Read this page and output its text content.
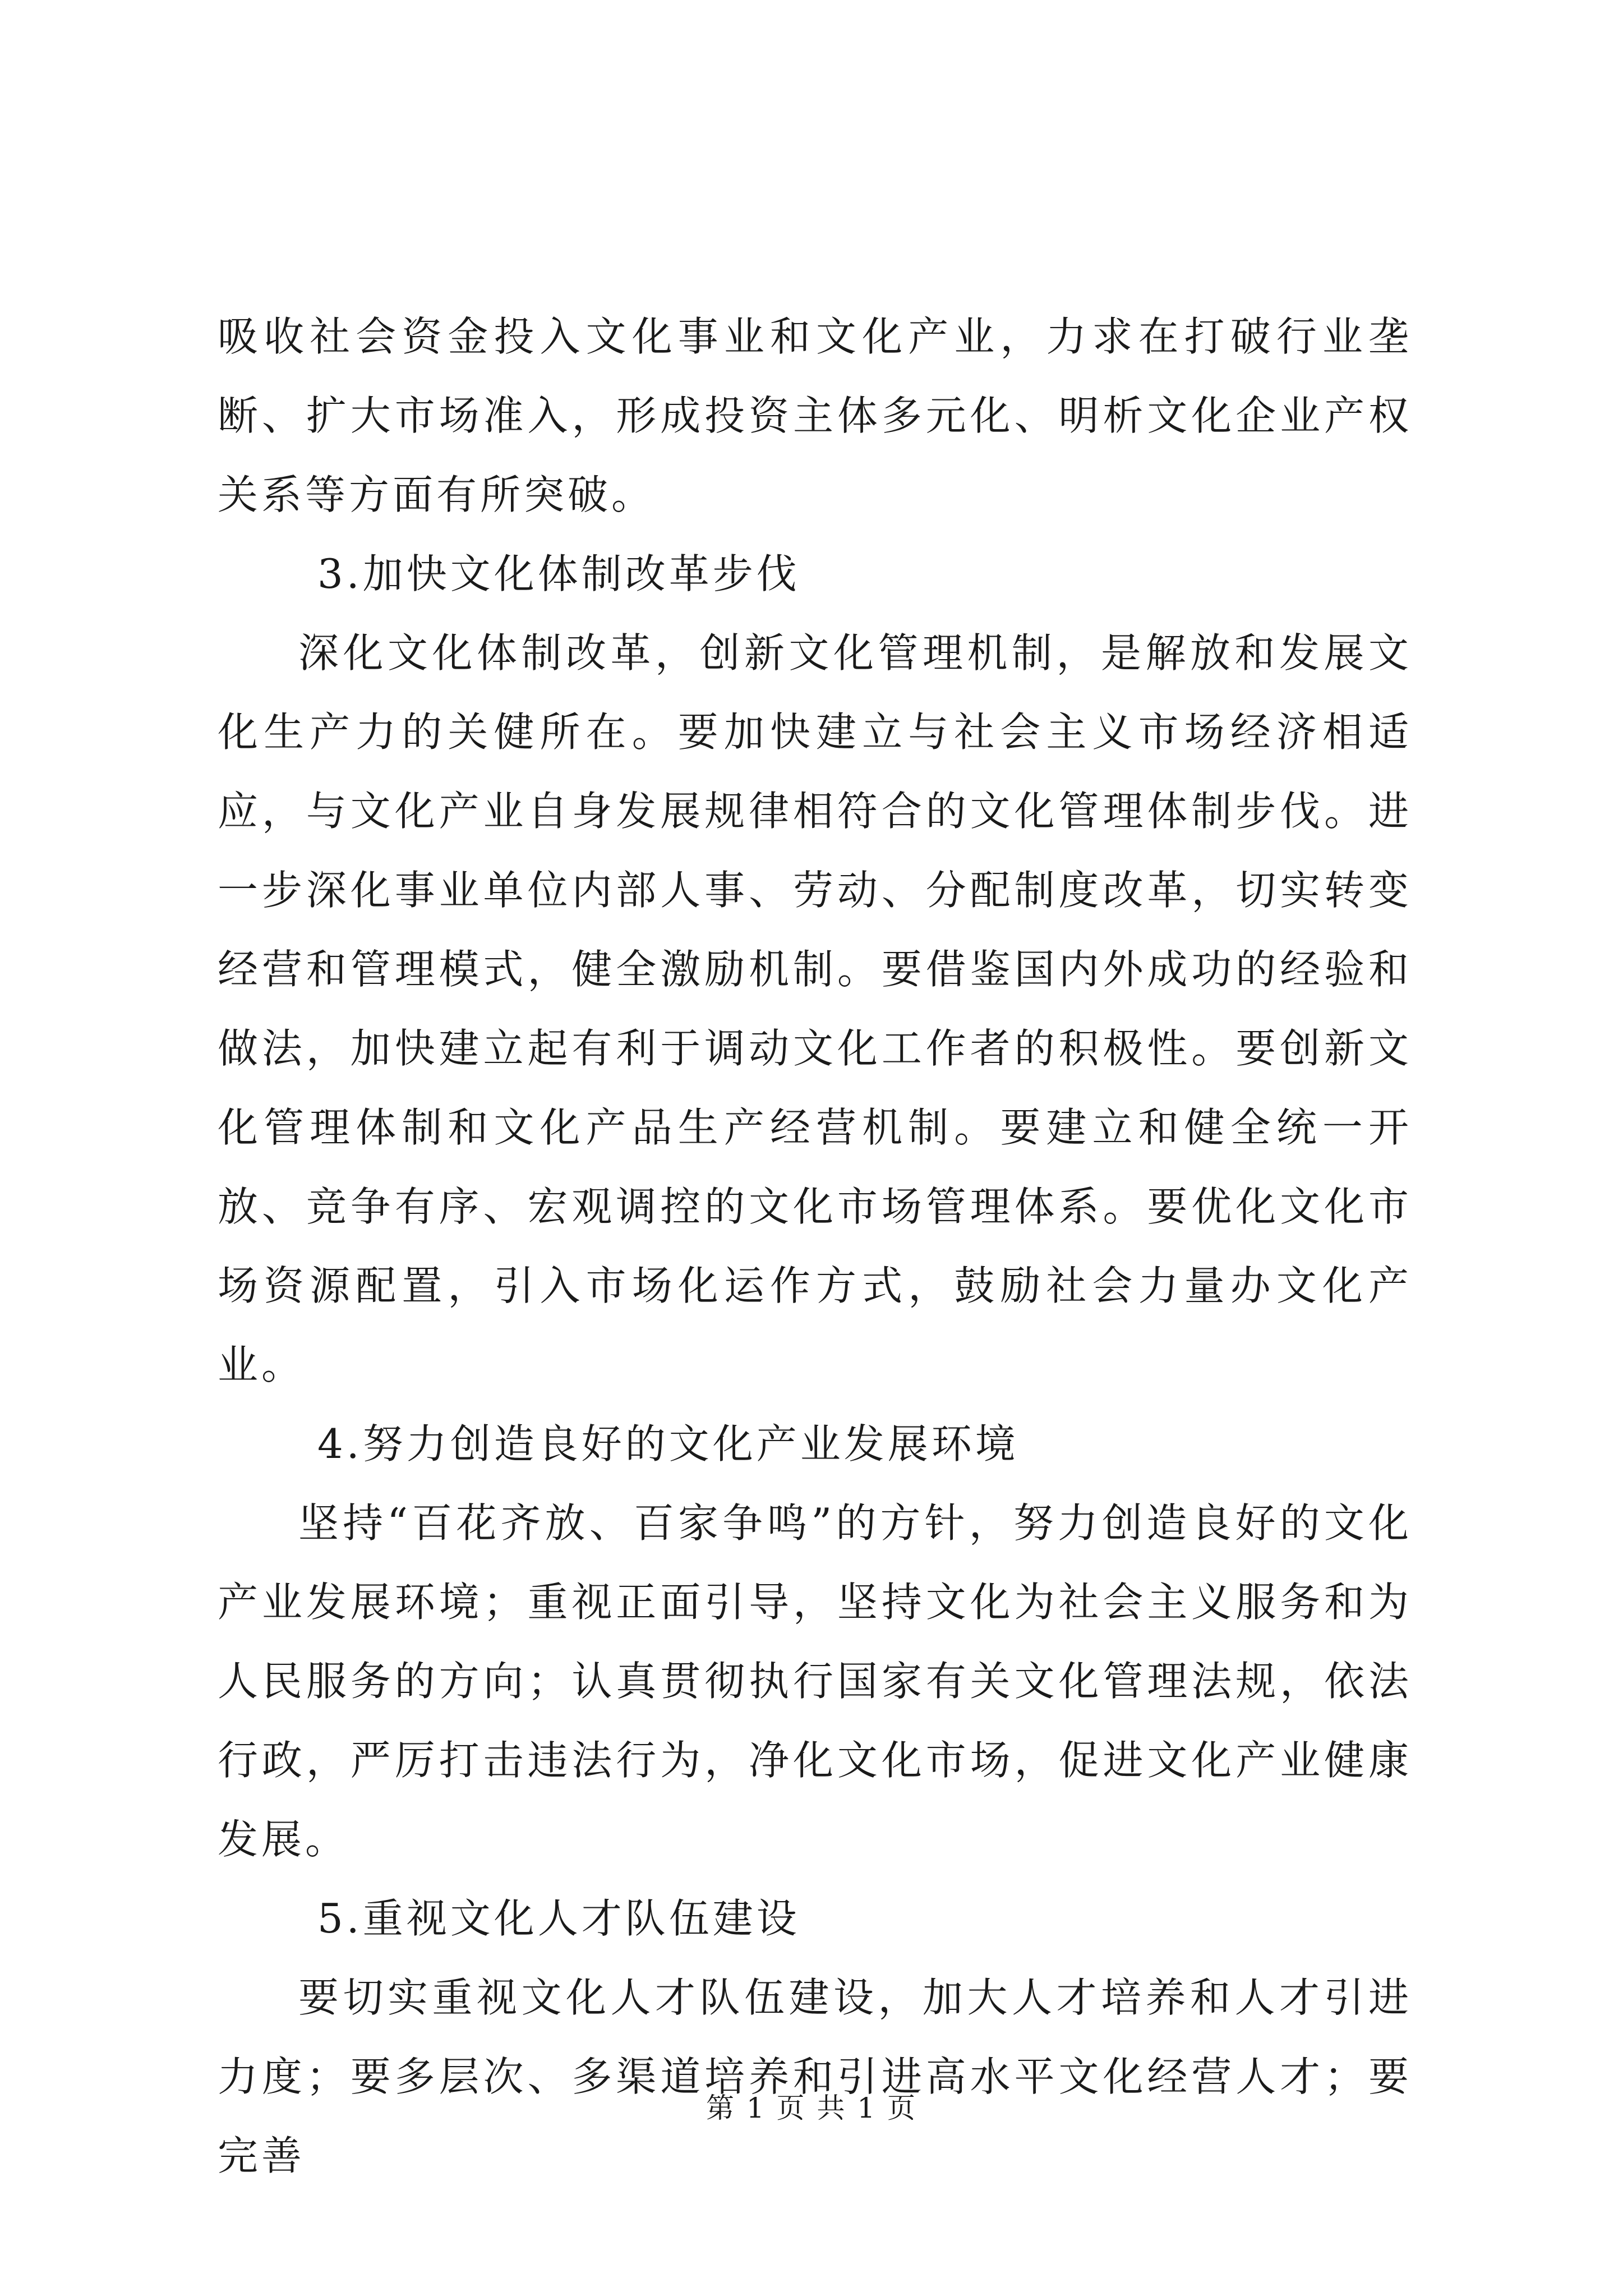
吸收社会资金投入文化事业和文化产业，力求在打破行业垄断、扩大市场准入，形成投资主体多元化、明析文化企业产权关系等方面有所突破。

3.加快文化体制改革步伐

深化文化体制改革，创新文化管理机制，是解放和发展文化生产力的关健所在。要加快建立与社会主义市场经济相适应，与文化产业自身发展规律相符合的文化管理体制步伐。进一步深化事业单位内部人事、劳动、分配制度改革，切实转变经营和管理模式，健全激励机制。要借鉴国内外成功的经验和做法，加快建立起有利于调动文化工作者的积极性。要创新文化管理体制和文化产品生产经营机制。要建立和健全统一开放、竞争有序、宏观调控的文化市场管理体系。要优化文化市场资源配置，引入市场化运作方式，鼓励社会力量办文化产业。

4.努力创造良好的文化产业发展环境

坚持“百花齐放、百家争鸣”的方针，努力创造良好的文化产业发展环境；重视正面引导，坚持文化为社会主义服务和为人民服务的方向；认真贯彻执行国家有关文化管理法规，依法行政，严厉打击违法行为，净化文化市场，促进文化产业健康发展。

5.重视文化人才队伍建设

要切实重视文化人才队伍建设，加大人才培养和人才引进力度；要多层次、多渠道培养和引进高水平文化经营人才；要完善

第 1 页 共 1 页
